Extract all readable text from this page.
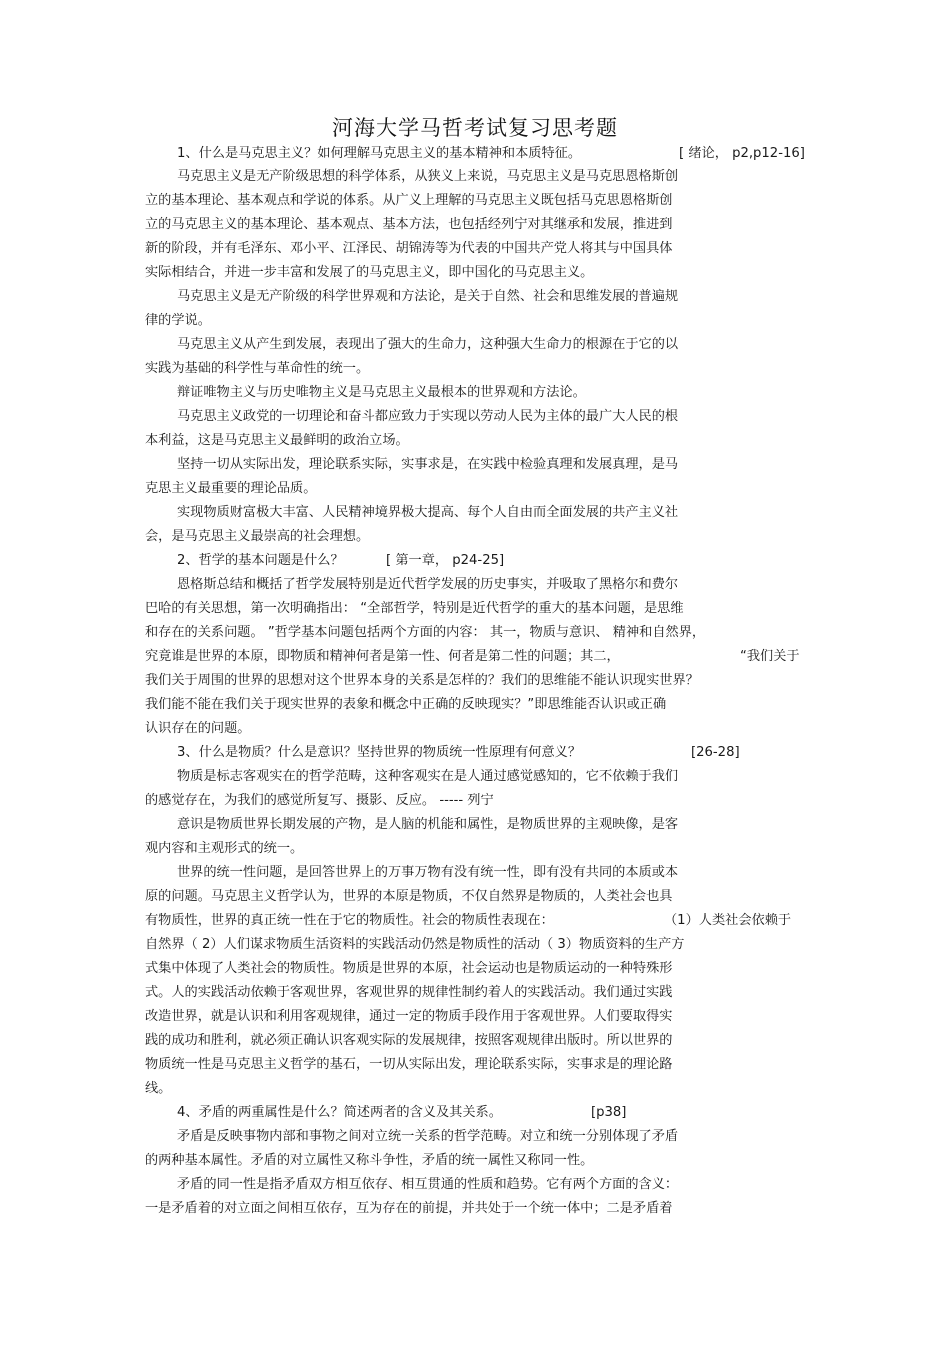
河海大学马哲考试复习思考题
1、什么是马克思主义？如何理解马克思主义的基本精神和本质特征。	[ 绪论， p2,p12-16]
马克思主义是无产阶级思想的科学体系，从狭义上来说，马克思主义是马克思恩格斯创
立的基本理论、基本观点和学说的体系。从广义上理解的马克思主义既包括马克思恩格斯创
立的马克思主义的基本理论、基本观点、基本方法，也包括经列宁对其继承和发展，推进到
新的阶段，并有毛泽东、邓小平、江泽民、胡锦涛等为代表的中国共产党人将其与中国具体
实际相结合，并进一步丰富和发展了的马克思主义，即中国化的马克思主义。
马克思主义是无产阶级的科学世界观和方法论，是关于自然、社会和思维发展的普遍规
律的学说。
马克思主义从产生到发展，表现出了强大的生命力，这种强大生命力的根源在于它的以
实践为基础的科学性与革命性的统一。
辩证唯物主义与历史唯物主义是马克思主义最根本的世界观和方法论。
马克思主义政党的一切理论和奋斗都应致力于实现以劳动人民为主体的最广大人民的根
本利益，这是马克思主义最鲜明的政治立场。
坚持一切从实际出发，理论联系实际，实事求是，在实践中检验真理和发展真理，是马
克思主义最重要的理论品质。
实现物质财富极大丰富、人民精神境界极大提高、每个人自由而全面发展的共产主义社
会，是马克思主义最崇高的社会理想。
2、哲学的基本问题是什么？	[ 第一章， p24-25]
恩格斯总结和概括了哲学发展特别是近代哲学发展的历史事实，并吸取了黑格尔和费尔
巴哈的有关思想，第一次明确指出： “全部哲学，特别是近代哲学的重大的基本问题，是思维
和存在的关系问题。 ”哲学基本问题包括两个方面的内容： 其一，物质与意识、 精神和自然界，
究竟谁是世界的本原，即物质和精神何者是第一性、何者是第二性的问题；其二，	“我们关于
我们关于周围的世界的思想对这个世界本身的关系是怎样的？我们的思维能不能认识现实世界？
我们能不能在我们关于现实世界的表象和概念中正确的反映现实？”即思维能否认识或正确
认识存在的问题。
3、什么是物质？什么是意识？坚持世界的物质统一性原理有何意义？	[26-28]
物质是标志客观实在的哲学范畴，这种客观实在是人通过感觉感知的，它不依赖于我们
的感觉存在，为我们的感觉所复写、摄影、反应。 ----- 列宁
意识是物质世界长期发展的产物，是人脑的机能和属性，是物质世界的主观映像，是客
观内容和主观形式的统一。
世界的统一性问题，是回答世界上的万事万物有没有统一性，即有没有共同的本质或本
原的问题。马克思主义哲学认为，世界的本原是物质，不仅自然界是物质的，人类社会也具
有物质性，世界的真正统一性在于它的物质性。社会的物质性表现在：	（1）人类社会依赖于
自然界（ 2）人们谋求物质生活资料的实践活动仍然是物质性的活动（ 3）物质资料的生产方
式集中体现了人类社会的物质性。物质是世界的本原，社会运动也是物质运动的一种特殊形
式。人的实践活动依赖于客观世界，客观世界的规律性制约着人的实践活动。我们通过实践
改造世界，就是认识和利用客观规律，通过一定的物质手段作用于客观世界。人们要取得实
践的成功和胜利，就必须正确认识客观实际的发展规律，按照客观规律出版时。所以世界的
物质统一性是马克思主义哲学的基石，一切从实际出发，理论联系实际，实事求是的理论路
线。
4、矛盾的两重属性是什么？简述两者的含义及其关系。	[p38]
矛盾是反映事物内部和事物之间对立统一关系的哲学范畴。对立和统一分别体现了矛盾
的两种基本属性。矛盾的对立属性又称斗争性，矛盾的统一属性又称同一性。
矛盾的同一性是指矛盾双方相互依存、相互贯通的性质和趋势。它有两个方面的含义：
一是矛盾着的对立面之间相互依存，互为存在的前提，并共处于一个统一体中；二是矛盾着
